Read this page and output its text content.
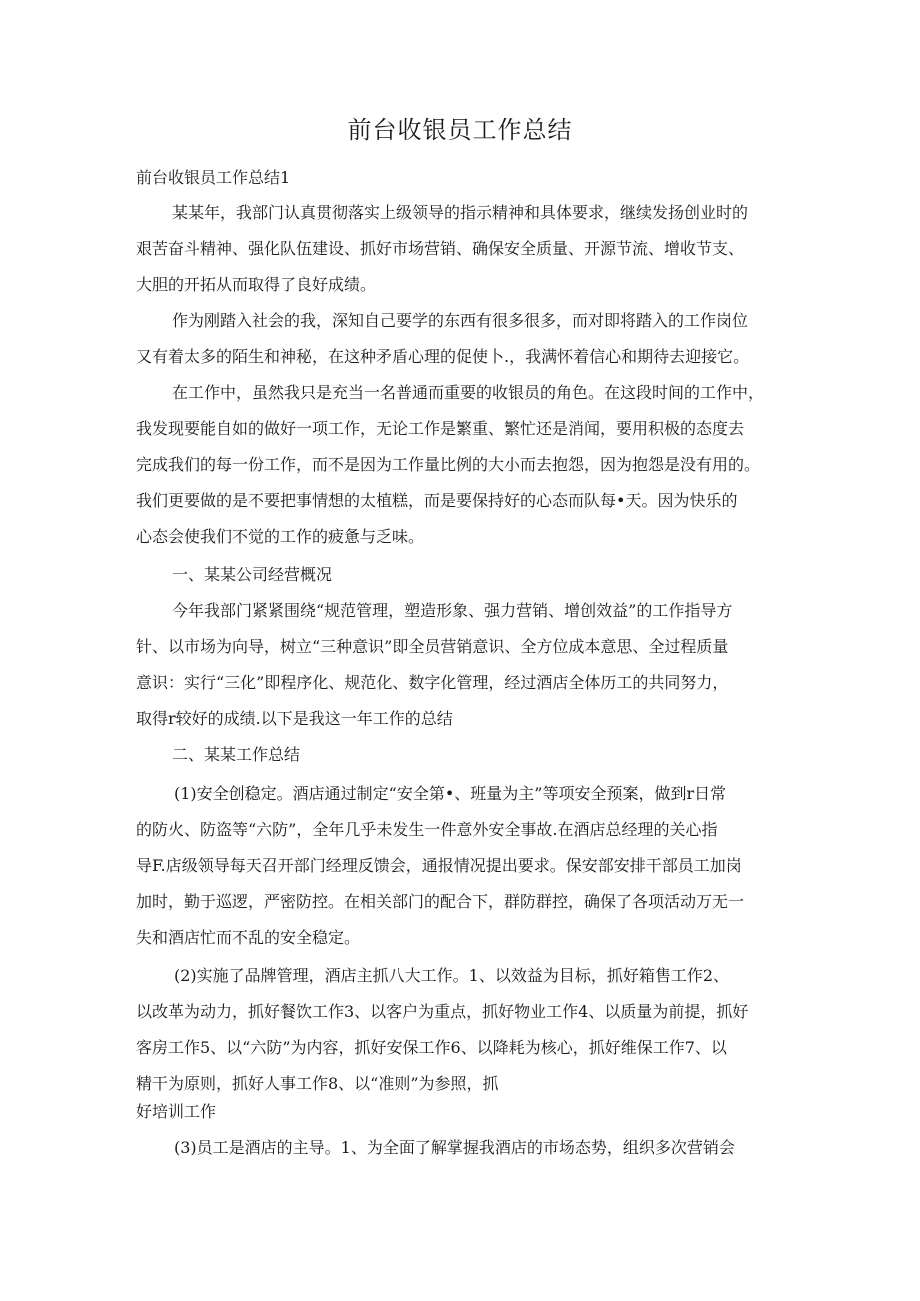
前台收银员工作总结

前台收银员工作总结1

某某年，我部门认真贯彻落实上级领导的指示精神和具体要求，继续发扬创业时的

艰苦奋斗精神、强化队伍建设、抓好市场营销、确保安全质量、开源节流、增收节支、

大胆的开拓从而取得了良好成绩。

作为刚踏入社会的我，深知自己要学的东西有很多很多，而对即将踏入的工作岗位

又有着太多的陌生和神秘，在这种矛盾心理的促使卜.，我满怀着信心和期待去迎接它。

在工作中，虽然我只是充当一名普通而重要的收银员的角色。在这段时间的工作中，

我发现要能自如的做好一项工作，无论工作是繁重、繁忙还是消闻，要用积极的态度去

完成我们的每一份工作，而不是因为工作量比例的大小而去抱怨，因为抱怨是没有用的。

我们更要做的是不要把事情想的太植糕，而是要保持好的心态而队每•天。因为快乐的

心态会使我们不觉的工作的疲惫与乏味。

一、某某公司经营概况

今年我部门紧紧围绕“规范管理，塑造形象、强力营销、增创效益”的工作指导方

针、以市场为向导，树立“三种意识”即全员营销意识、全方位成本意思、全过程质量

意识：实行“三化”即程序化、规范化、数字化管理，经过酒店全体历工的共同努力，

取得r较好的成绩.以下是我这一年工作的总结

二、某某工作总结

(1)安全创稳定。酒店通过制定“安全第•、班量为主”等项安全预案，做到r日常

的防火、防盗等“六防”，全年几乎未发生一件意外安全事故.在酒店总经理的关心指

导F.店级领导每天召开部门经理反馈会，通报情况提出要求。保安部安排干部员工加岗

加时，勤于巡逻，严密防控。在相关部门的配合下，群防群控，确保了各项活动万无一

失和酒店忙而不乱的安全稳定。

(2)实施了品牌管理，酒店主抓八大工作。1、以效益为目标，抓好箱售工作2、

以改革为动力，抓好餐饮工作3、以客户为重点，抓好物业工作4、以质量为前提，抓好

客房工作5、以“六防”为内容，抓好安保工作6、以降耗为核心，抓好维保工作7、以

精干为原则，抓好人事工作8、以“准则”为参照，抓

好培训工作

(3)员工是酒店的主导。1、为全面了解掌握我酒店的市场态势，组织多次营销会
